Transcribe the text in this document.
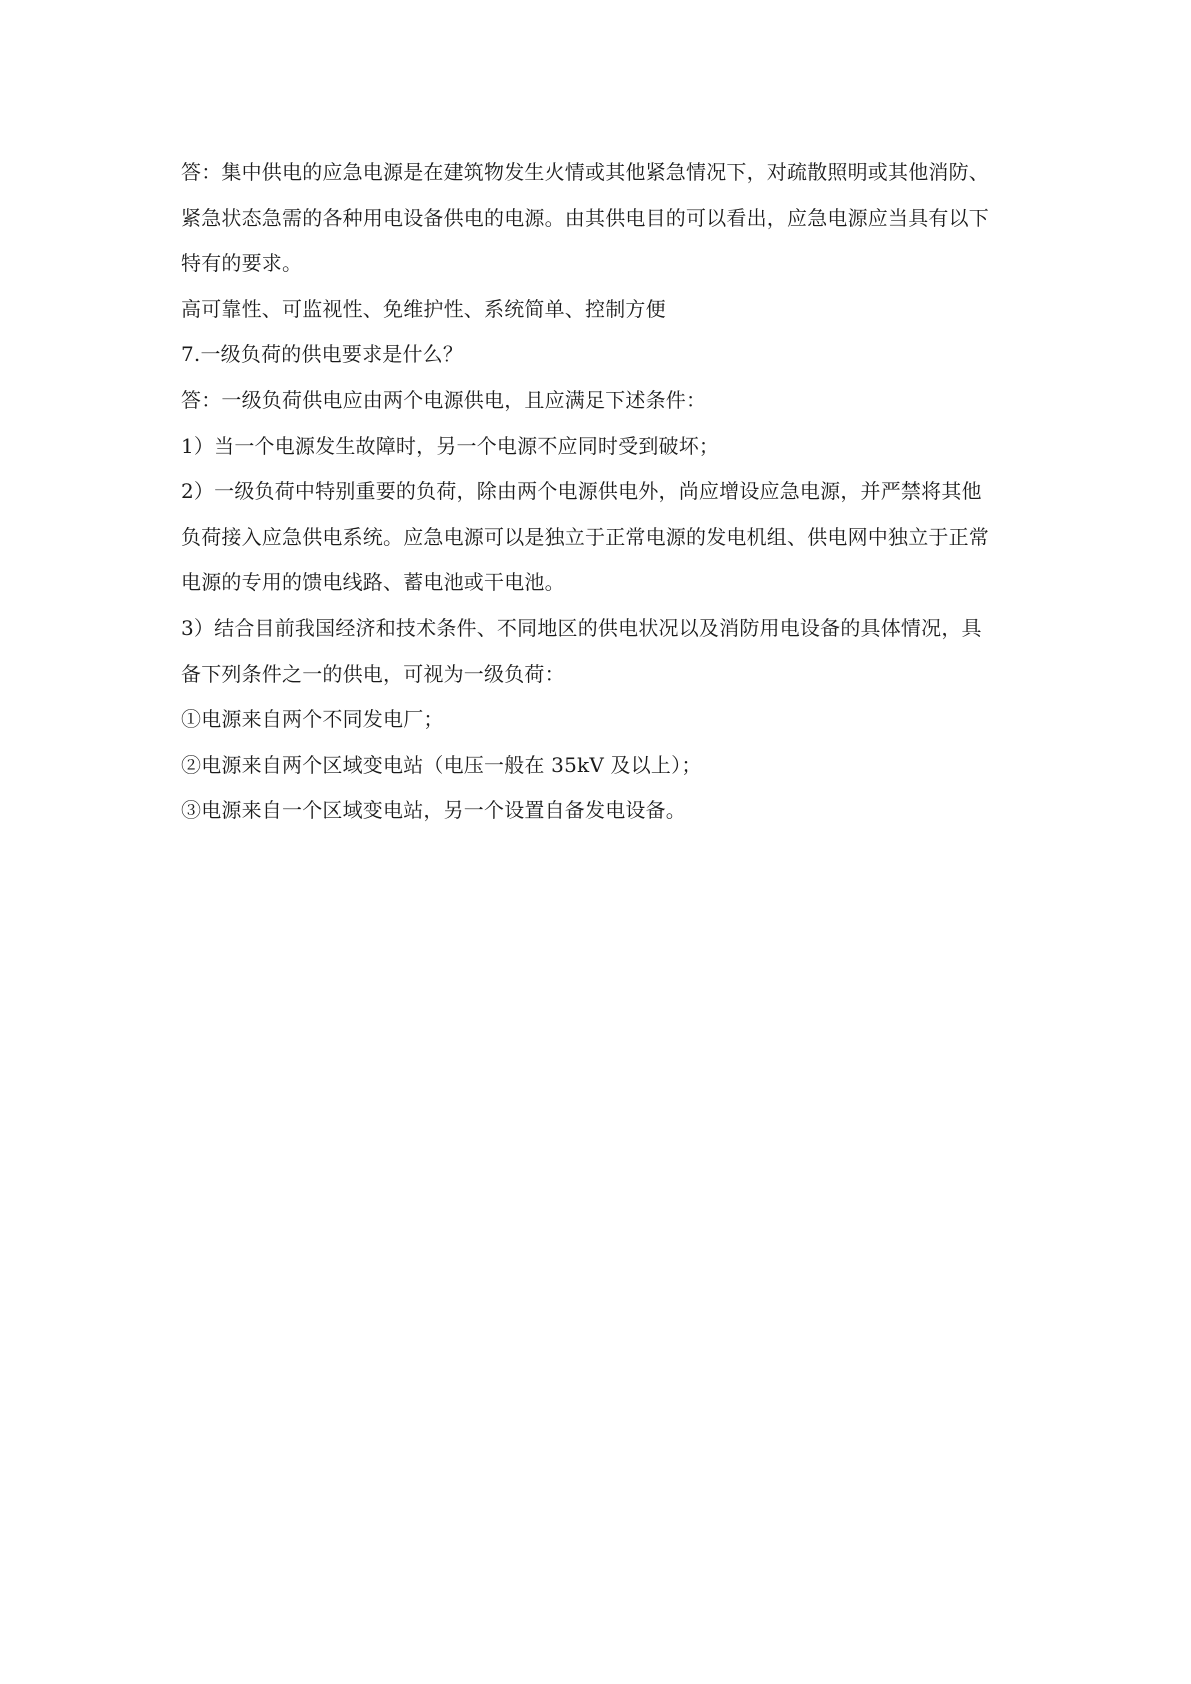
答：集中供电的应急电源是在建筑物发生火情或其他紧急情况下，对疏散照明或其他消防、
紧急状态急需的各种用电设备供电的电源。由其供电目的可以看出，应急电源应当具有以下
特有的要求。
高可靠性、可监视性、免维护性、系统简单、控制方便
7.一级负荷的供电要求是什么？
答：一级负荷供电应由两个电源供电，且应满足下述条件：
1）当一个电源发生故障时，另一个电源不应同时受到破坏；
2）一级负荷中特别重要的负荷，除由两个电源供电外，尚应增设应急电源，并严禁将其他
负荷接入应急供电系统。应急电源可以是独立于正常电源的发电机组、供电网中独立于正常
电源的专用的馈电线路、蓄电池或干电池。
3）结合目前我国经济和技术条件、不同地区的供电状况以及消防用电设备的具体情况，具
备下列条件之一的供电，可视为一级负荷：
①电源来自两个不同发电厂；
②电源来自两个区域变电站（电压一般在 35kV 及以上）；
③电源来自一个区域变电站，另一个设置自备发电设备。
